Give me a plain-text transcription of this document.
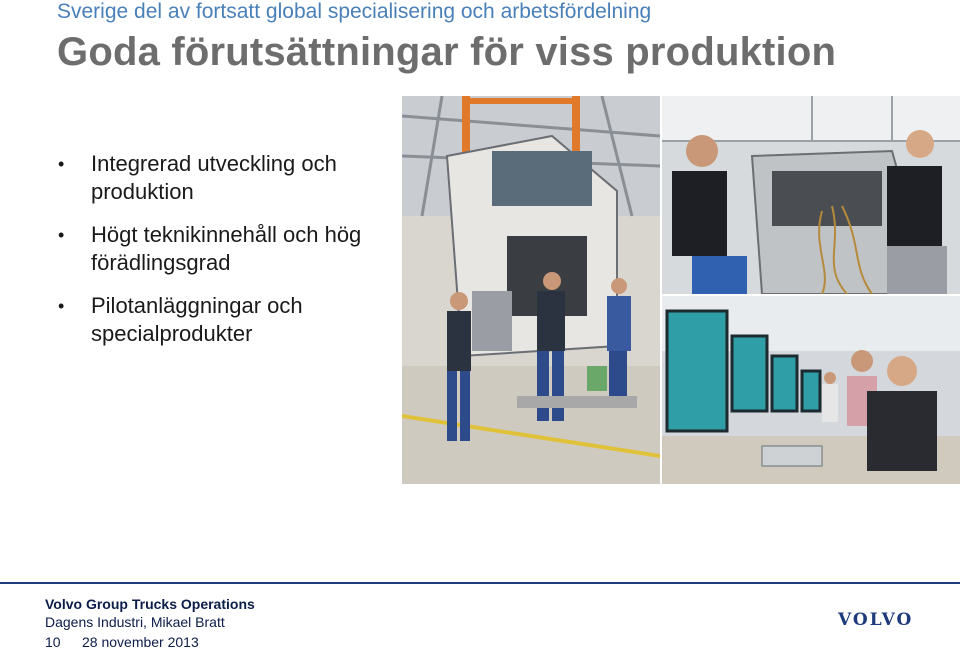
Sverige del av fortsatt global specialisering och arbetsfördelning
Goda förutsättningar för viss produktion
• Integrerad utveckling och
produktion
• Högt teknikinnehåll och hög
förädlingsgrad
• Pilotanläggningar och
specialprodukter
Volvo Group Trucks Operations
Dagens Industri, Mikael Bratt
10 28 november 2013
VOLVO
